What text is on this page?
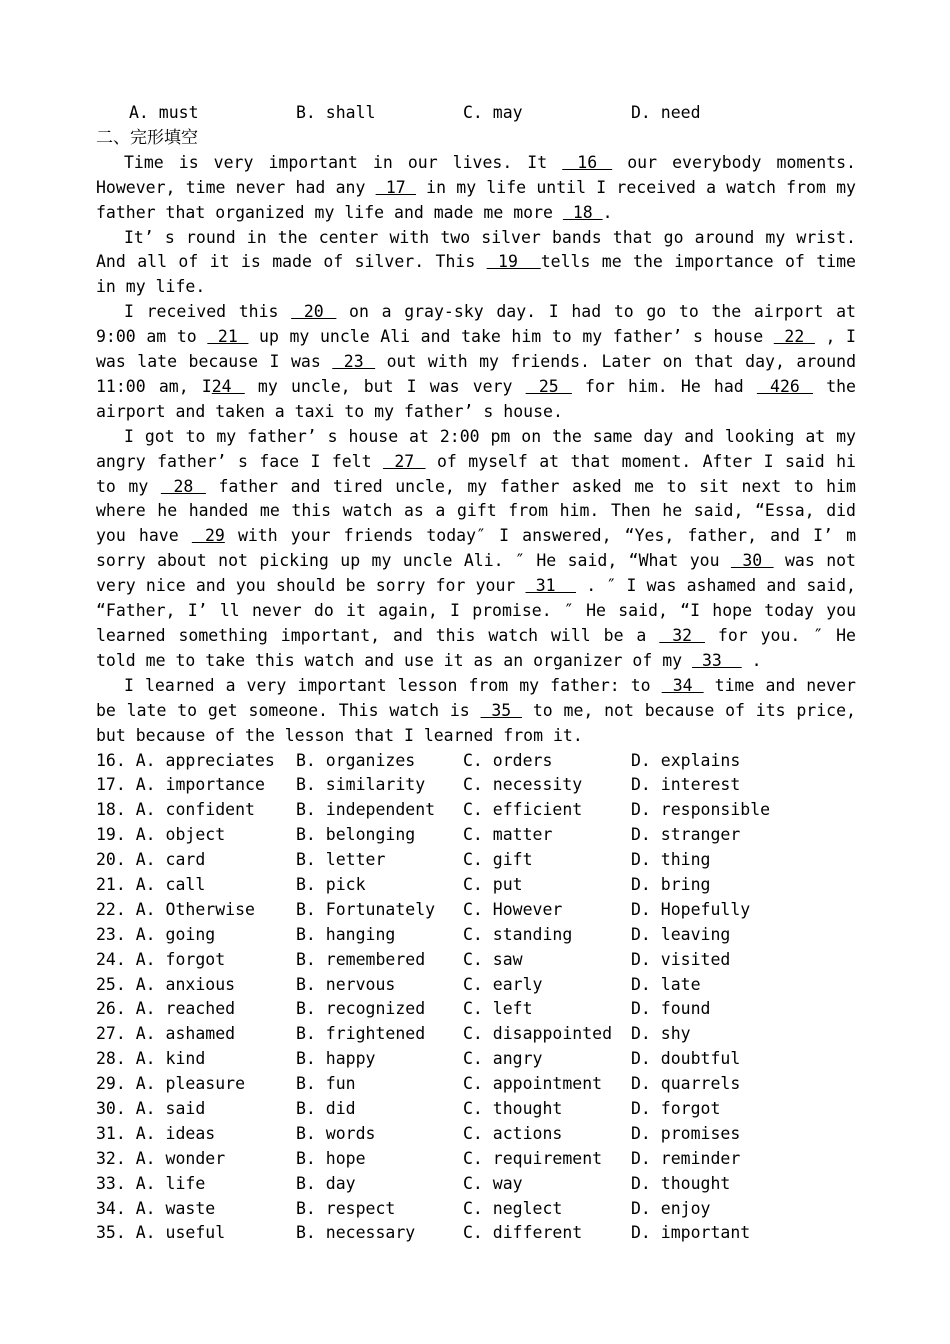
A. must	B. shall	C. may	D. need
二、完形填空

Time is very important in our lives. It  16  our everybody moments. However, time never had any  17  in my life until I received a watch from my father that organized my life and made me more  18 .

It’ s round in the center with two silver bands that go around my wrist. And all of it is made of silver. This  19  tells me the importance of time in my life.

I received this  20  on a gray-sky day. I had to go to the airport at 9:00 am to  21  up my uncle Ali and take him to my father’ s house  22  , I was late because I was  23  out with my friends. Later on that day, around 11:00 am, I24  my uncle, but I was very  25  for him. He had  426  the airport and taken a taxi to my father’ s house.

I got to my father’ s house at 2:00 pm on the same day and looking at my angry father’ s face I felt  27  of myself at that moment. After I said hi to my  28  father and tired uncle, my father asked me to sit next to him where he handed me this watch as a gift from him. Then he said, “Essa, did you have  29 with your friends today″ I answered, “Yes, father, and I’ m sorry about not picking up my uncle Ali. ″ He said, “What you  30  was not very nice and you should be sorry for your  31   . ″ I was ashamed and said, “Father, I’ ll never do it again, I promise. ″ He said, “I hope today you learned something important, and this watch will be a  32  for you. ″ He told me to take this watch and use it as an organizer of my  33   .

I learned a very important lesson from my father: to  34  time and never be late to get someone. This watch is  35  to me, not because of its price, but because of the lesson that I learned from it.

16. A. appreciates	B. organizes	C. orders	D. explains
17. A. importance	B. similarity	C. necessity	D. interest
18. A. confident	B. independent	C. efficient	D. responsible
19. A. object	B. belonging	C. matter	D. stranger
20. A. card	B. letter	C. gift	D. thing
21. A. call	B. pick	C. put	D. bring
22. A. Otherwise	B. Fortunately	C. However	D. Hopefully
23. A. going	B. hanging	C. standing	D. leaving
24. A. forgot	B. remembered	C. saw	D. visited
25. A. anxious	B. nervous	C. early	D. late
26. A. reached	B. recognized	C. left	D. found
27. A. ashamed	B. frightened	C. disappointed	D. shy
28. A. kind	B. happy	C. angry	D. doubtful
29. A. pleasure	B. fun	C. appointment	D. quarrels
30. A. said	B. did	C. thought	D. forgot
31. A. ideas	B. words	C. actions	D. promises
32. A. wonder	B. hope	C. requirement	D. reminder
33. A. life	B. day	C. way	D. thought
34. A. waste	B. respect	C. neglect	D. enjoy
35. A. useful	B. necessary	C. different	D. important
